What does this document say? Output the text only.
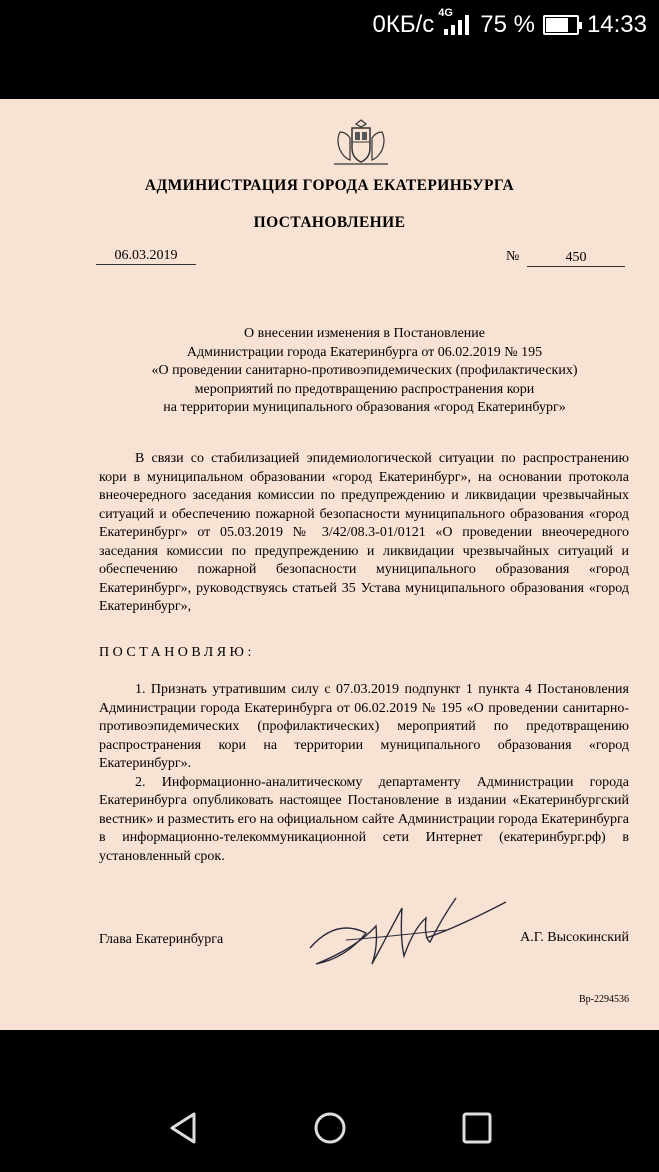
0КБ/с 4G 75 % 14:33
АДМИНИСТРАЦИЯ ГОРОДА ЕКАТЕРИНБУРГА
ПОСТАНОВЛЕНИЕ
06.03.2019	№	450
О внесении изменения в Постановление
Администрации города Екатеринбурга от 06.02.2019 № 195
«О проведении санитарно-противоэпидемических (профилактических)
мероприятий по предотвращению распространения кори
на территории муниципального образования «город Екатеринбург»
В связи со стабилизацией эпидемиологической ситуации по распространению кори в муниципальном образовании «город Екатеринбург», на основании протокола внеочередного заседания комиссии по предупреждению и ликвидации чрезвычайных ситуаций и обеспечению пожарной безопасности муниципального образования «город Екатеринбург» от 05.03.2019 № 3/42/08.3-01/0121 «О проведении внеочередного заседания комиссии по предупреждению и ликвидации чрезвычайных ситуаций и обеспечению пожарной безопасности муниципального образования «город Екатеринбург», руководствуясь статьей 35 Устава муниципального образования «город Екатеринбург»,
ПОСТАНОВЛЯЮ:

1. Признать утратившим силу с 07.03.2019 подпункт 1 пункта 4 Постановления Администрации города Екатеринбурга от 06.02.2019 № 195 «О проведении санитарно-противоэпидемических (профилактических) мероприятий по предотвращению распространения кори на территории муниципального образования «город Екатеринбург».

2. Информационно-аналитическому департаменту Администрации города Екатеринбурга опубликовать настоящее Постановление в издании «Екатеринбургский вестник» и разместить его на официальном сайте Администрации города Екатеринбурга в информационно-телекоммуникационной сети Интернет (екатеринбург.рф) в установленный срок.

Глава Екатеринбурга	А.Г. Высокинский
Вр-2294536
